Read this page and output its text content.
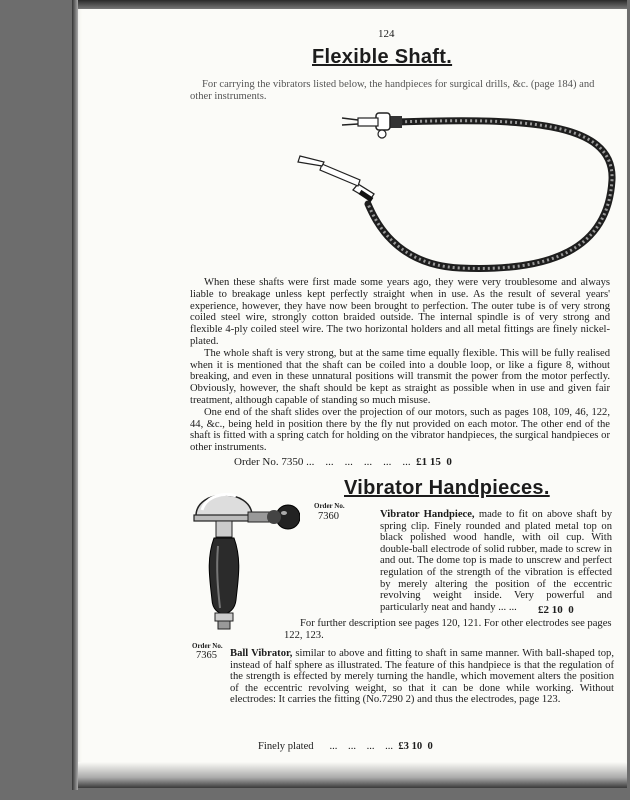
124
Flexible Shaft.
For carrying the vibrators listed below, the handpieces for surgical drills, &c. (page 184) and other instruments.

When these shafts were first made some years ago, they were very troublesome and always liable to breakage unless kept perfectly straight when in use. As the result of several years' experience, however, they have now been brought to perfection. The outer tube is of very strong coiled steel wire, strongly cotton braided outside. The internal spindle is of very strong and flexible 4-ply coiled steel wire. The two horizontal holders and all metal fittings are finely nickel-plated.

The whole shaft is very strong, but at the same time equally flexible. This will be fully realised when it is mentioned that the shaft can be coiled into a double loop, or like a figure 8, without breaking, and even in these unnatural positions will transmit the power from the motor perfectly. Obviously, however, the shaft should be kept as straight as possible when in use and given fair treatment, although capable of standing so much misuse.

One end of the shaft slides over the projection of our motors, such as pages 108, 109, 46, 122, 44, &c., being held in position there by the fly nut provided on each motor. The other end of the shaft is fitted with a spring catch for holding on the vibrator handpieces, the surgical handpieces or other instruments.

Order No. 7350 ...    ...    ...    ...    ...    ... £1 15  0
Vibrator Handpieces.
Order No.
7360	Vibrator Handpiece, made to fit on above shaft by spring clip. Finely rounded and plated metal top on black polished wood handle, with oil cup. With double-ball electrode of solid rubber, made to screw in and out. The dome top is made to unscrew and perfect regulation of the strength of the vibration is effected by merely altering the position of the eccentric revolving weight inside. Very powerful and particularly neat and handy ... ...	£2 10  0
For further description see pages 120, 121. For other electrodes see pages 122, 123.
Order No.
7365 Ball Vibrator, similar to above and fitting to shaft in same manner. With ball-shaped top, instead of half sphere as illustrated. The feature of this handpiece is that the regulation of the strength is effected by merely turning the handle, which movement alters the position of the eccentric revolving weight, so that it can be done while working. Without electrodes: It carries the fitting (No.7290 2) and thus the electrodes, page 123.
Finely plated ...    ...    ...    ... £3 10  0
